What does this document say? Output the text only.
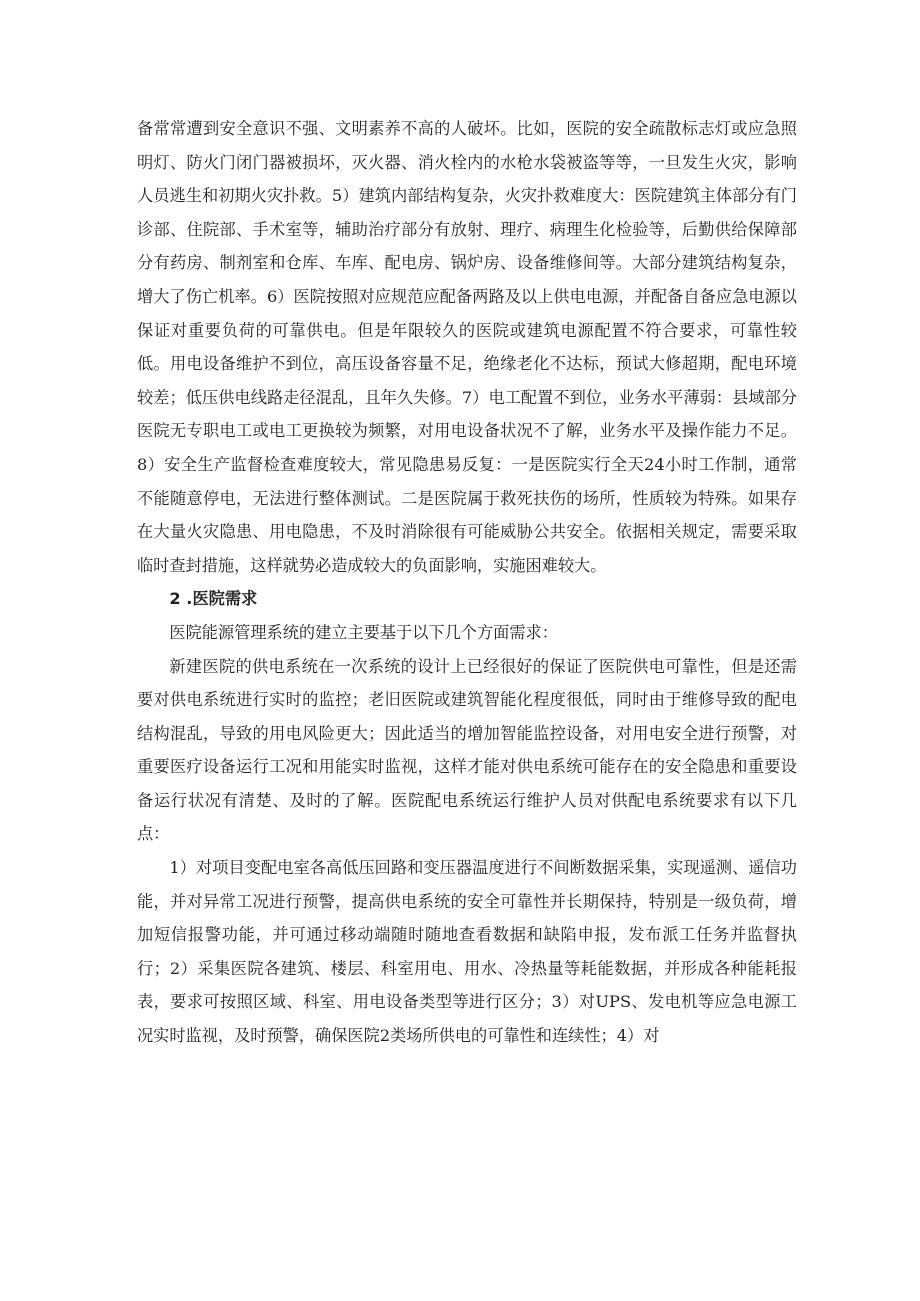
备常常遭到安全意识不强、文明素养不高的人破坏。比如，医院的安全疏散标志灯或应急照明灯、防火门闭门器被损坏，灭火器、消火栓内的水枪水袋被盗等等，一旦发生火灾，影响人员逃生和初期火灾扑救。5）建筑内部结构复杂，火灾扑救难度大：医院建筑主体部分有门诊部、住院部、手术室等，辅助治疗部分有放射、理疗、病理生化检验等，后勤供给保障部分有药房、制剂室和仓库、车库、配电房、锅炉房、设备维修间等。大部分建筑结构复杂，增大了伤亡机率。6）医院按照对应规范应配备两路及以上供电电源，并配备自备应急电源以保证对重要负荷的可靠供电。但是年限较久的医院或建筑电源配置不符合要求，可靠性较低。用电设备维护不到位，高压设备容量不足，绝缘老化不达标，预试大修超期，配电环境较差；低压供电线路走径混乱，且年久失修。7）电工配置不到位，业务水平薄弱：县域部分医院无专职电工或电工更换较为频繁，对用电设备状况不了解，业务水平及操作能力不足。8）安全生产监督检查难度较大，常见隐患易反复：一是医院实行全天24小时工作制，通常不能随意停电，无法进行整体测试。二是医院属于救死扶伤的场所，性质较为特殊。如果存在大量火灾隐患、用电隐患，不及时消除很有可能威胁公共安全。依据相关规定，需要采取临时查封措施，这样就势必造成较大的负面影响，实施困难较大。

2 .医院需求

医院能源管理系统的建立主要基于以下几个方面需求：

新建医院的供电系统在一次系统的设计上已经很好的保证了医院供电可靠性，但是还需要对供电系统进行实时的监控；老旧医院或建筑智能化程度很低，同时由于维修导致的配电结构混乱，导致的用电风险更大；因此适当的增加智能监控设备，对用电安全进行预警，对重要医疗设备运行工况和用能实时监视，这样才能对供电系统可能存在的安全隐患和重要设备运行状况有清楚、及时的了解。医院配电系统运行维护人员对供配电系统要求有以下几点：

1）对项目变配电室各高低压回路和变压器温度进行不间断数据采集，实现遥测、遥信功能，并对异常工况进行预警，提高供电系统的安全可靠性并长期保持，特别是一级负荷，增加短信报警功能，并可通过移动端随时随地查看数据和缺陷申报，发布派工任务并监督执行；2）采集医院各建筑、楼层、科室用电、用水、冷热量等耗能数据，并形成各种能耗报表，要求可按照区域、科室、用电设备类型等进行区分；3）对UPS、发电机等应急电源工况实时监视，及时预警，确保医院2类场所供电的可靠性和连续性；4）对
